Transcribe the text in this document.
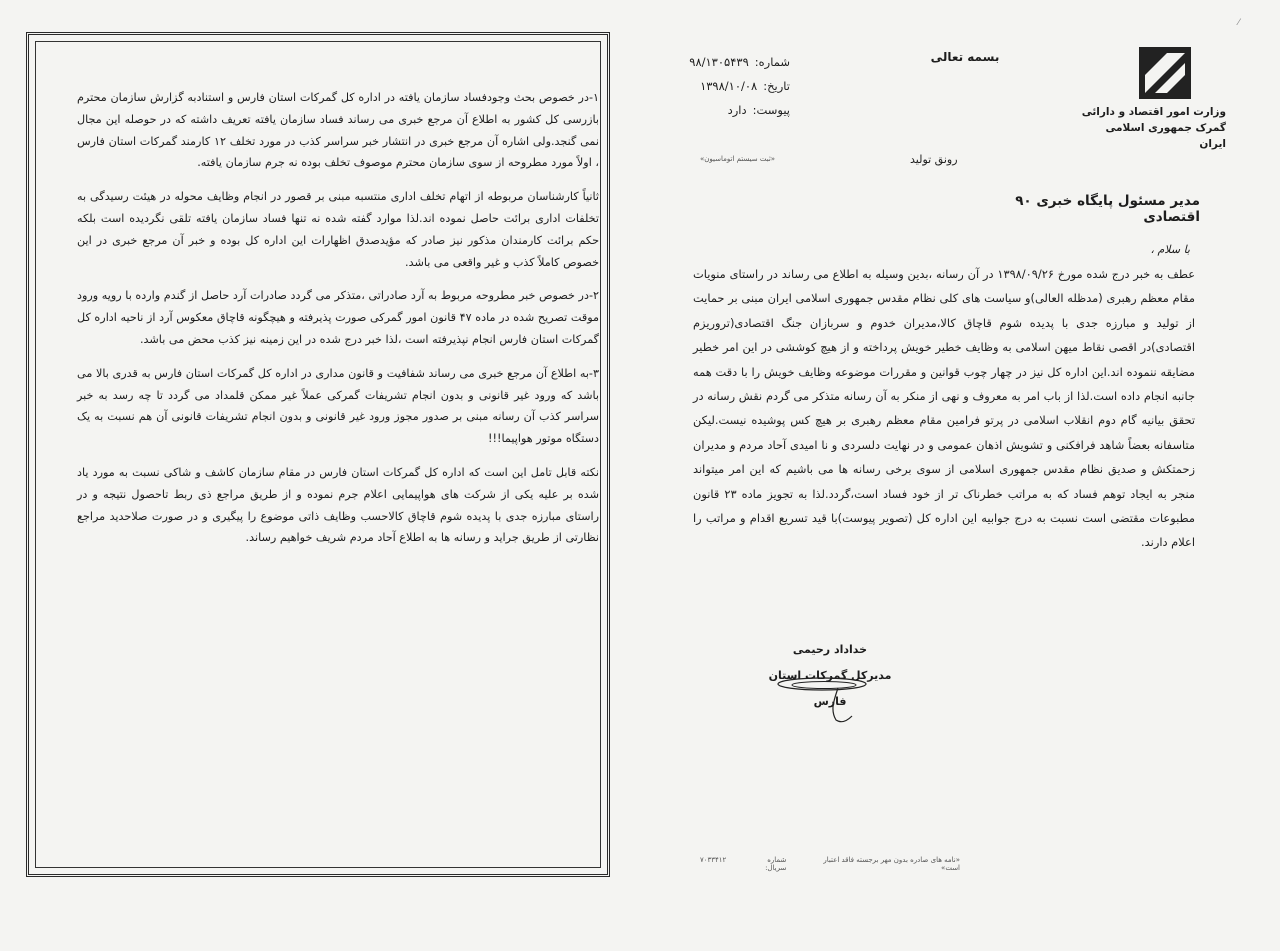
۱-در خصوص بحث وجودفساد سازمان یافته در اداره کل گمرکات استان فارس و استنادبه گزارش سازمان محترم بازرسی کل کشور به اطلاع آن مرجع خبری می رساند فساد سازمان یافته تعریف داشته که در حوصله این مجال نمی گنجد.ولی اشاره آن مرجع خبری در انتشار خبر سراسر کذب در مورد تخلف ۱۲ کارمند گمرکات استان فارس ، اولاً مورد مطروحه از سوی سازمان محترم موصوف تخلف بوده نه جرم سازمان یافته.

ثانیاً کارشناسان مربوطه از اتهام تخلف اداری منتسبه مبنی بر قصور در انجام وظایف محوله در هیئت رسیدگی به تخلفات اداری برائت حاصل نموده اند.لذا موارد گفته شده نه تنها فساد سازمان یافته تلقی نگردیده است بلکه حکم برائت کارمندان مذکور نیز صادر که مؤیدصدق اظهارات این اداره کل بوده و خبر آن مرجع خبری در این خصوص کاملاً کذب و غیر واقعی می باشد.

۲-در خصوص خبر مطروحه مربوط به آرد صادراتی ،متذکر می گردد صادرات آرد حاصل از گندم وارده با رویه ورود موقت تصریح شده در ماده ۴۷ قانون امور گمرکی صورت پذیرفته و هیچگونه قاچاق معکوس آرد از ناحیه اداره کل گمرکات استان فارس انجام نپذیرفته است ،لذا خبر درج شده در این زمینه نیز کذب محض می باشد.

۳-به اطلاع آن مرجع خبری می رساند شفافیت و قانون مداری در اداره کل گمرکات استان فارس به قدری بالا می باشد که ورود غیر قانونی و بدون انجام تشریفات گمرکی عملاً غیر ممکن قلمداد می گردد تا چه رسد به خبر سراسر کذب آن رسانه مبنی بر صدور مجوز ورود غیر قانونی و بدون انجام تشریفات قانونی آن هم نسبت به یک دستگاه موتور هواپیما!!!

نکته قابل تامل این است که اداره کل گمرکات استان فارس در مقام سازمان کاشف و شاکی نسبت به مورد یاد شده بر علیه یکی از شرکت های هواپیمایی اعلام جرم نموده و از طریق مراجع ذی ربط تاحصول نتیجه و در راستای مبارزه جدی با پدیده شوم قاچاق کالاحسب وظایف ذاتی موضوع را پیگیری و در صورت صلاحدید مراجع نظارتی از طریق جراید و رسانه ها به اطلاع آحاد مردم شریف خواهیم رساند.

⁄
بسمه تعالی
وزارت امور اقتصاد و دارائی
گمرک جمهوری اسلامی ایران
شماره:
۹۸/۱۳۰۵۴۳۹
تاریخ:
۱۳۹۸/۱۰/۰۸
پیوست:
دارد
«ثبت سیستم اتوماسیون»	رونق تولید
مدیر مسئول پایگاه خبری ۹۰ اقتصادی
با سلام ،
عطف به خبر درج شده مورخ ۱۳۹۸/۰۹/۲۶ در آن رسانه ،بدین وسیله به اطلاع می رساند در راستای منویات مقام معظم رهبری (مدظله العالی)و سیاست های کلی نظام مقدس جمهوری اسلامی ایران مبنی بر حمایت از تولید و مبارزه جدی با پدیده شوم قاچاق کالا،مدیران خدوم و سربازان جنگ اقتصادی(تروریزم اقتصادی)در اقصی نقاط میهن اسلامی به وظایف خطیر خویش پرداخته و از هیچ کوششی در این امر خطیر مضایقه ننموده اند.این اداره کل نیز در چهار چوب قوانین و مقررات موضوعه وظایف خویش را با دقت همه جانبه انجام داده است.لذا از باب امر به معروف و نهی از منکر به آن رسانه متذکر می گردم نقش رسانه در تحقق بیانیه گام دوم انقلاب اسلامی در پرتو فرامین مقام معظم رهبری بر هیچ کس پوشیده نیست.لیکن متاسفانه بعضاً شاهد فرافکنی و تشویش اذهان عمومی و در نهایت دلسردی و نا امیدی آحاد مردم و مدیران زحمتکش و صدیق نظام مقدس جمهوری اسلامی از سوی برخی رسانه ها می باشیم که این امر میتواند منجر به ایجاد توهم فساد که به مراتب خطرناک تر از خود فساد است،گردد.لذا به تجویز ماده ۲۳ قانون مطبوعات مقتضی است نسبت به درج جوابیه این اداره کل (تصویر پیوست)با قید تسریع اقدام و مراتب را اعلام دارند.
خداداد رحیمی
مدیرکل گمرکات استان فارس
«نامه های صادره بدون مهر برجسته فاقد اعتبار است»
شماره سریال:
۷۰۳۳۴۱۲
